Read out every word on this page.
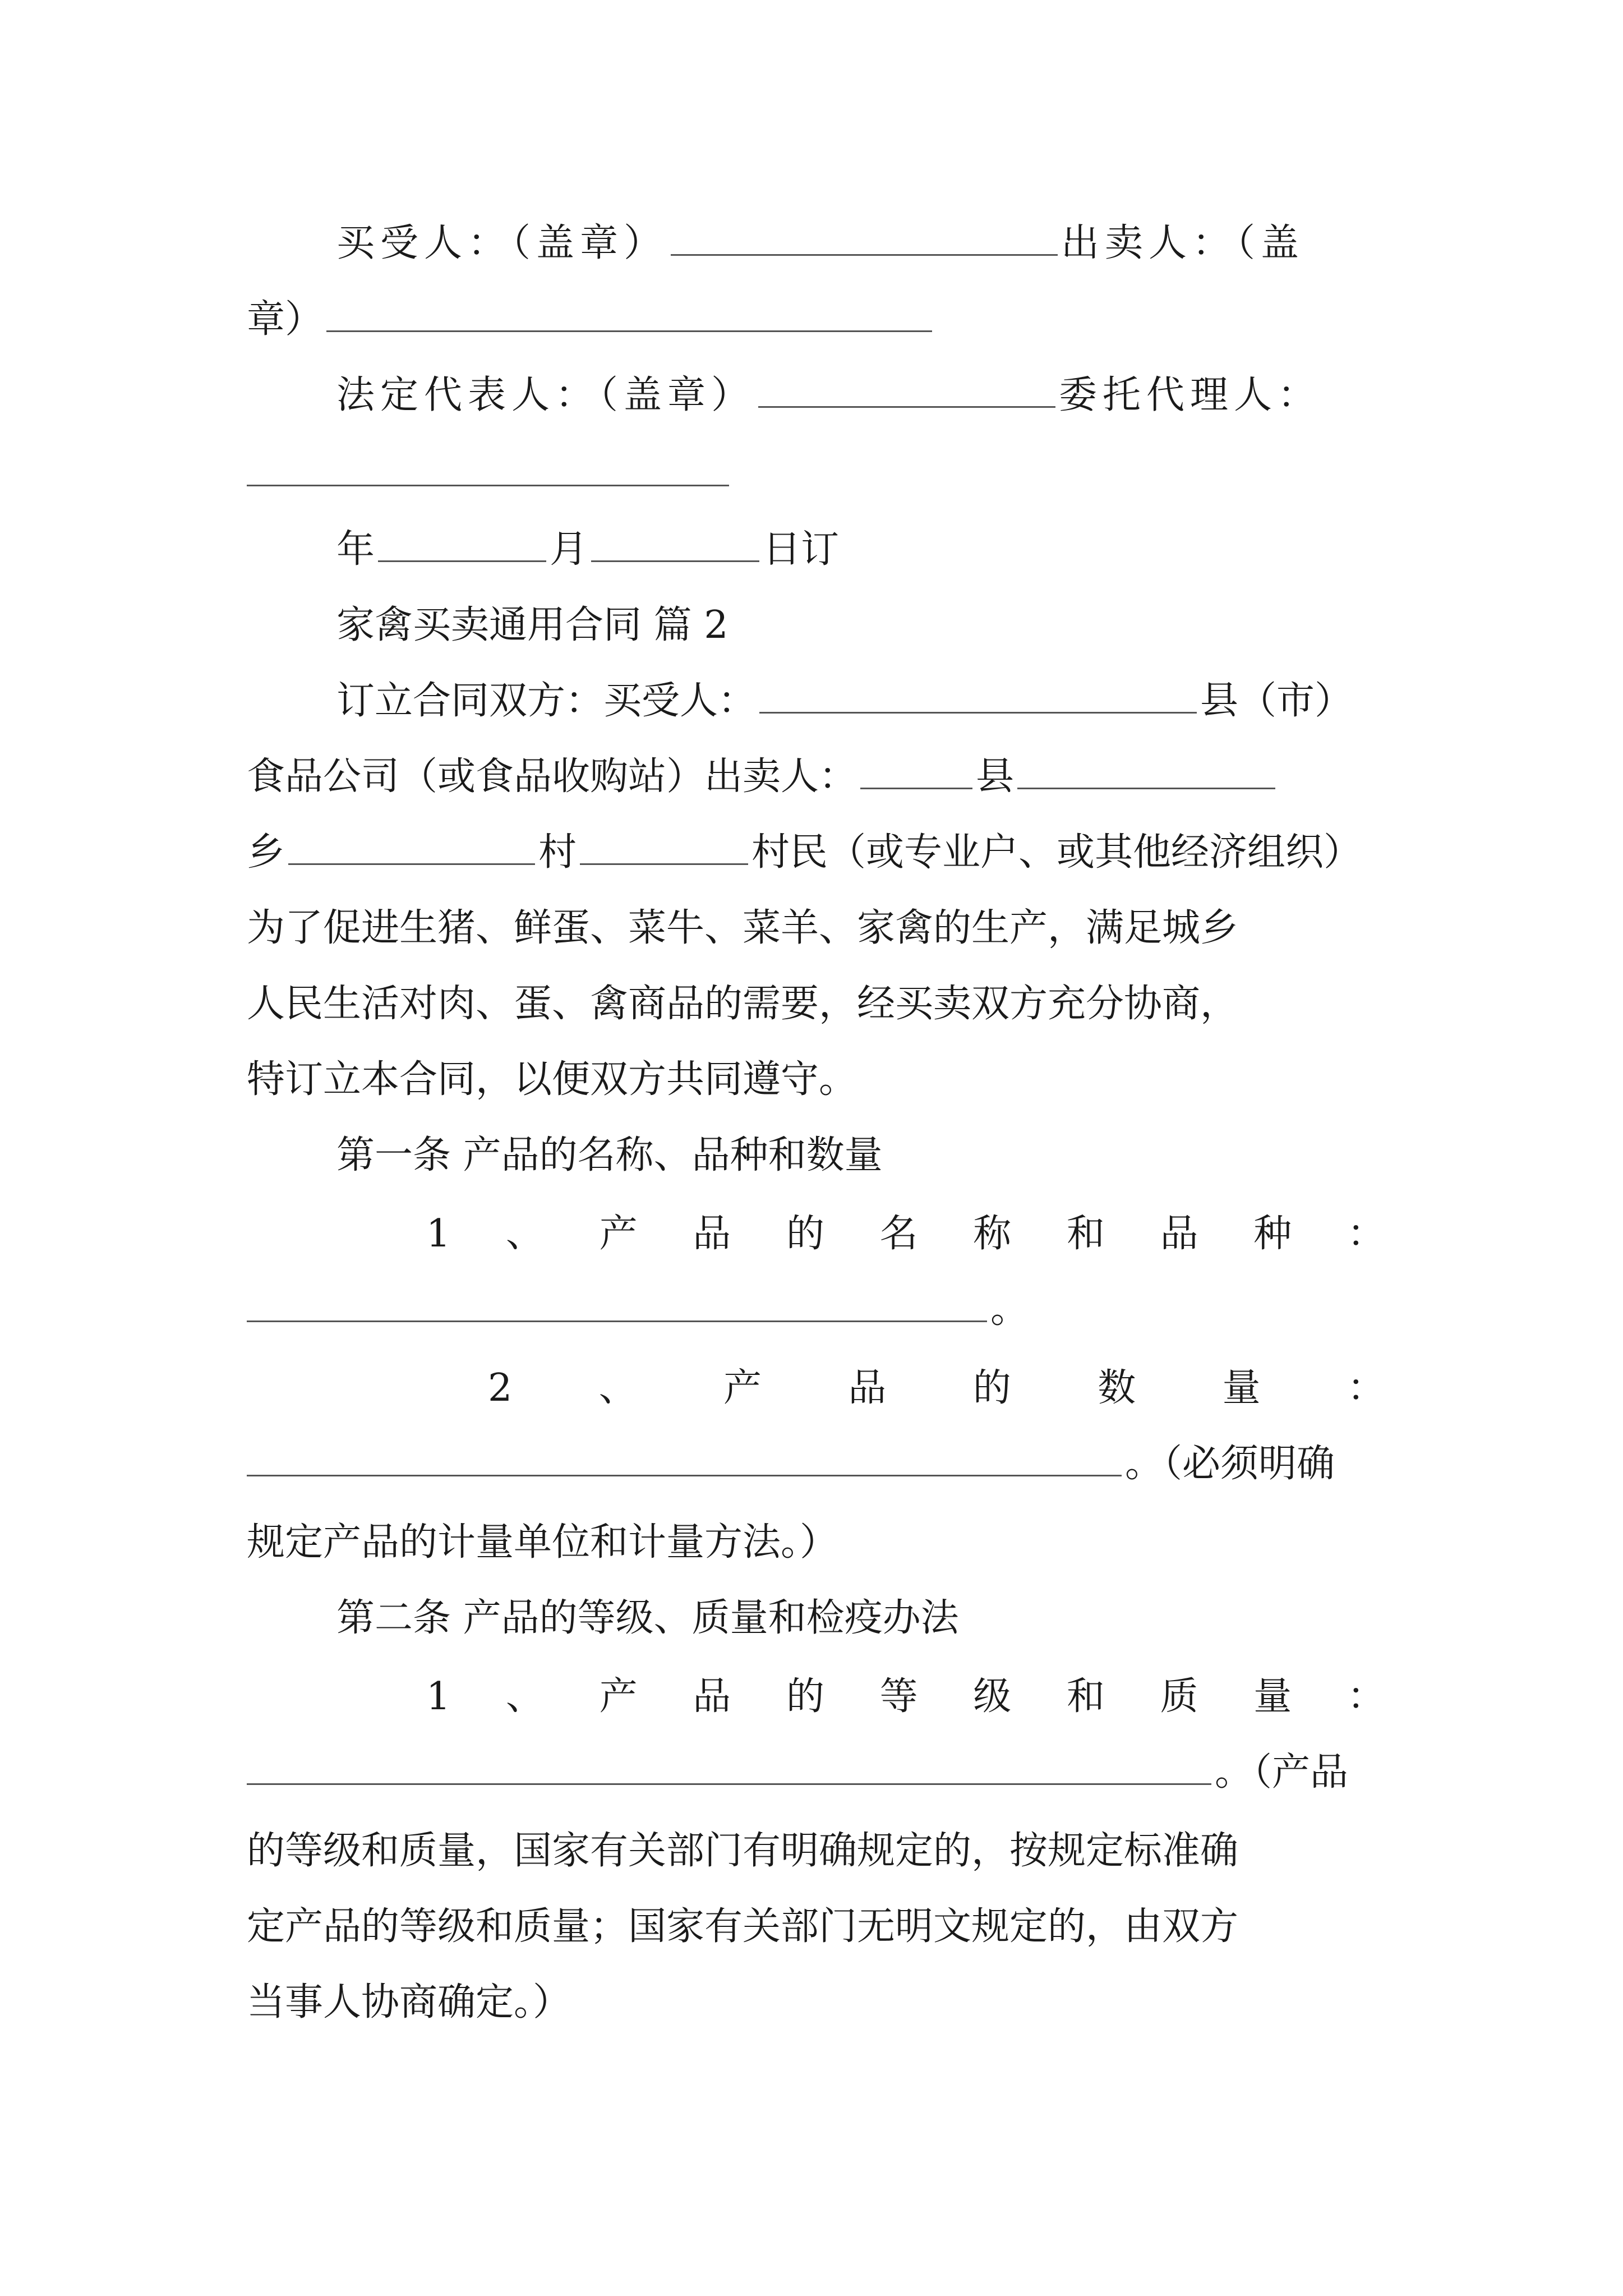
买受人：（盖章）	出卖人：（盖
章）
法定代表人：（盖章）	委托代理人：
年	月	日订
家禽买卖通用合同 篇 2
订立合同双方：买受人：	县（市）
食品公司（或食品收购站）出卖人：	县
乡	村	村民（或专业户、或其他经济组织）
为了促进生猪、鲜蛋、菜牛、菜羊、家禽的生产，满足城乡
人民生活对肉、蛋、禽商品的需要，经买卖双方充分协商，
特订立本合同，以便双方共同遵守。
第一条 产品的名称、品种和数量
1 、 产 品 的 名 称 和 品 种 ：
。
2 、 产 品 的 数 量 ：
。（必须明确
规定产品的计量单位和计量方法。）
第二条 产品的等级、质量和检疫办法
1 、 产 品 的 等 级 和 质 量 ：
。（产品
的等级和质量，国家有关部门有明确规定的，按规定标准确
定产品的等级和质量；国家有关部门无明文规定的，由双方
当事人协商确定。）
